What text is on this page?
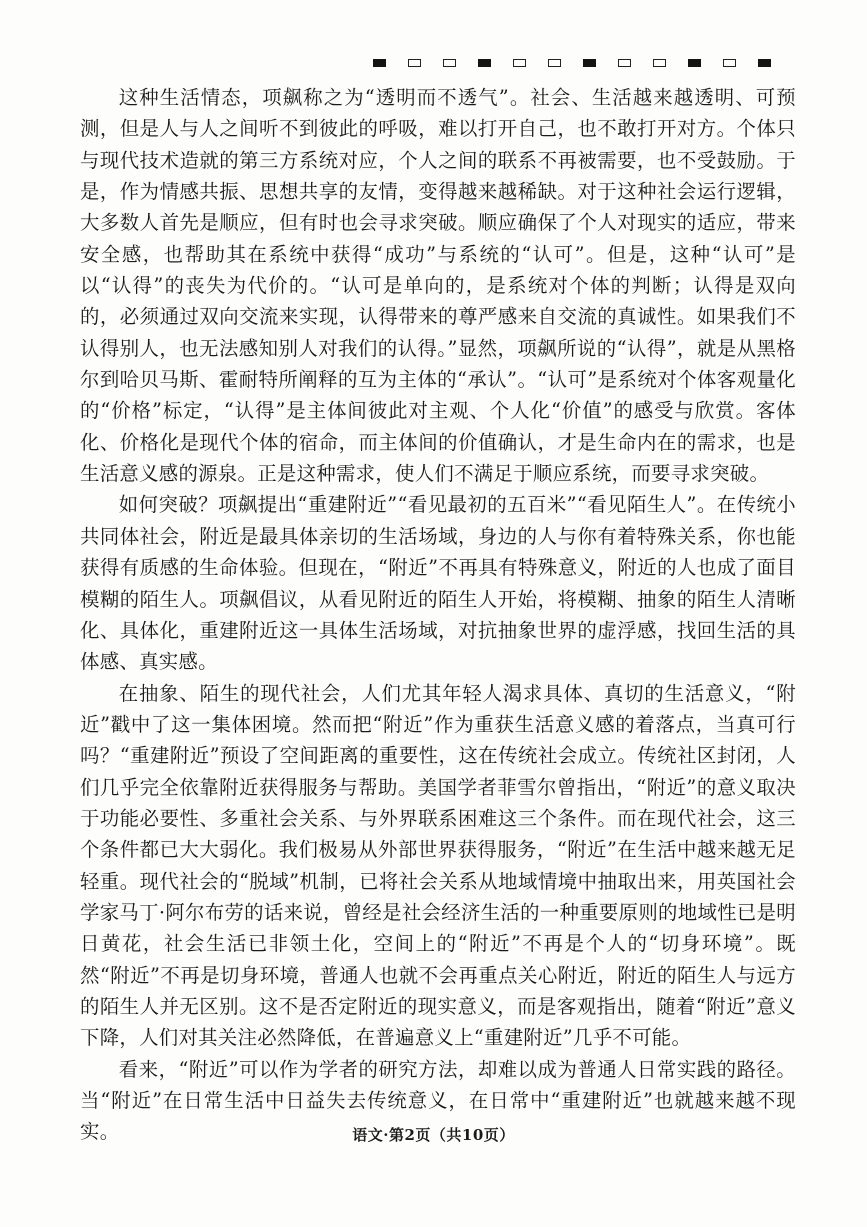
这种生活情态，项飙称之为“透明而不透气”。社会、生活越来越透明、可预测，但是人与人之间听不到彼此的呼吸，难以打开自己，也不敢打开对方。个体只与现代技术造就的第三方系统对应，个人之间的联系不再被需要，也不受鼓励。于是，作为情感共振、思想共享的友情，变得越来越稀缺。对于这种社会运行逻辑，大多数人首先是顺应，但有时也会寻求突破。顺应确保了个人对现实的适应，带来安全感，也帮助其在系统中获得“成功”与系统的“认可”。但是，这种“认可”是以“认得”的丧失为代价的。“认可是单向的，是系统对个体的判断；认得是双向的，必须通过双向交流来实现，认得带来的尊严感来自交流的真诚性。如果我们不认得别人，也无法感知别人对我们的认得。”显然，项飙所说的“认得”，就是从黑格尔到哈贝马斯、霍耐特所阐释的互为主体的“承认”。“认可”是系统对个体客观量化的“价格”标定，“认得”是主体间彼此对主观、个人化“价值”的感受与欣赏。客体化、价格化是现代个体的宿命，而主体间的价值确认，才是生命内在的需求，也是生活意义感的源泉。正是这种需求，使人们不满足于顺应系统，而要寻求突破。

如何突破？项飙提出“重建附近”“看见最初的五百米”“看见陌生人”。在传统小共同体社会，附近是最具体亲切的生活场域，身边的人与你有着特殊关系，你也能获得有质感的生命体验。但现在，“附近”不再具有特殊意义，附近的人也成了面目模糊的陌生人。项飙倡议，从看见附近的陌生人开始，将模糊、抽象的陌生人清晰化、具体化，重建附近这一具体生活场域，对抗抽象世界的虚浮感，找回生活的具体感、真实感。

在抽象、陌生的现代社会，人们尤其年轻人渴求具体、真切的生活意义，“附近”戳中了这一集体困境。然而把“附近”作为重获生活意义感的着落点，当真可行吗？“重建附近”预设了空间距离的重要性，这在传统社会成立。传统社区封闭，人们几乎完全依靠附近获得服务与帮助。美国学者菲雪尔曾指出，“附近”的意义取决于功能必要性、多重社会关系、与外界联系困难这三个条件。而在现代社会，这三个条件都已大大弱化。我们极易从外部世界获得服务，“附近”在生活中越来越无足轻重。现代社会的“脱域”机制，已将社会关系从地域情境中抽取出来，用英国社会学家马丁·阿尔布劳的话来说，曾经是社会经济生活的一种重要原则的地域性已是明日黄花，社会生活已非领土化，空间上的“附近”不再是个人的“切身环境”。既然“附近”不再是切身环境，普通人也就不会再重点关心附近，附近的陌生人与远方的陌生人并无区别。这不是否定附近的现实意义，而是客观指出，随着“附近”意义下降，人们对其关注必然降低，在普遍意义上“重建附近”几乎不可能。

看来，“附近”可以作为学者的研究方法，却难以成为普通人日常实践的路径。当“附近”在日常生活中日益失去传统意义，在日常中“重建附近”也就越来越不现实。	语文·第2页（共10页）
